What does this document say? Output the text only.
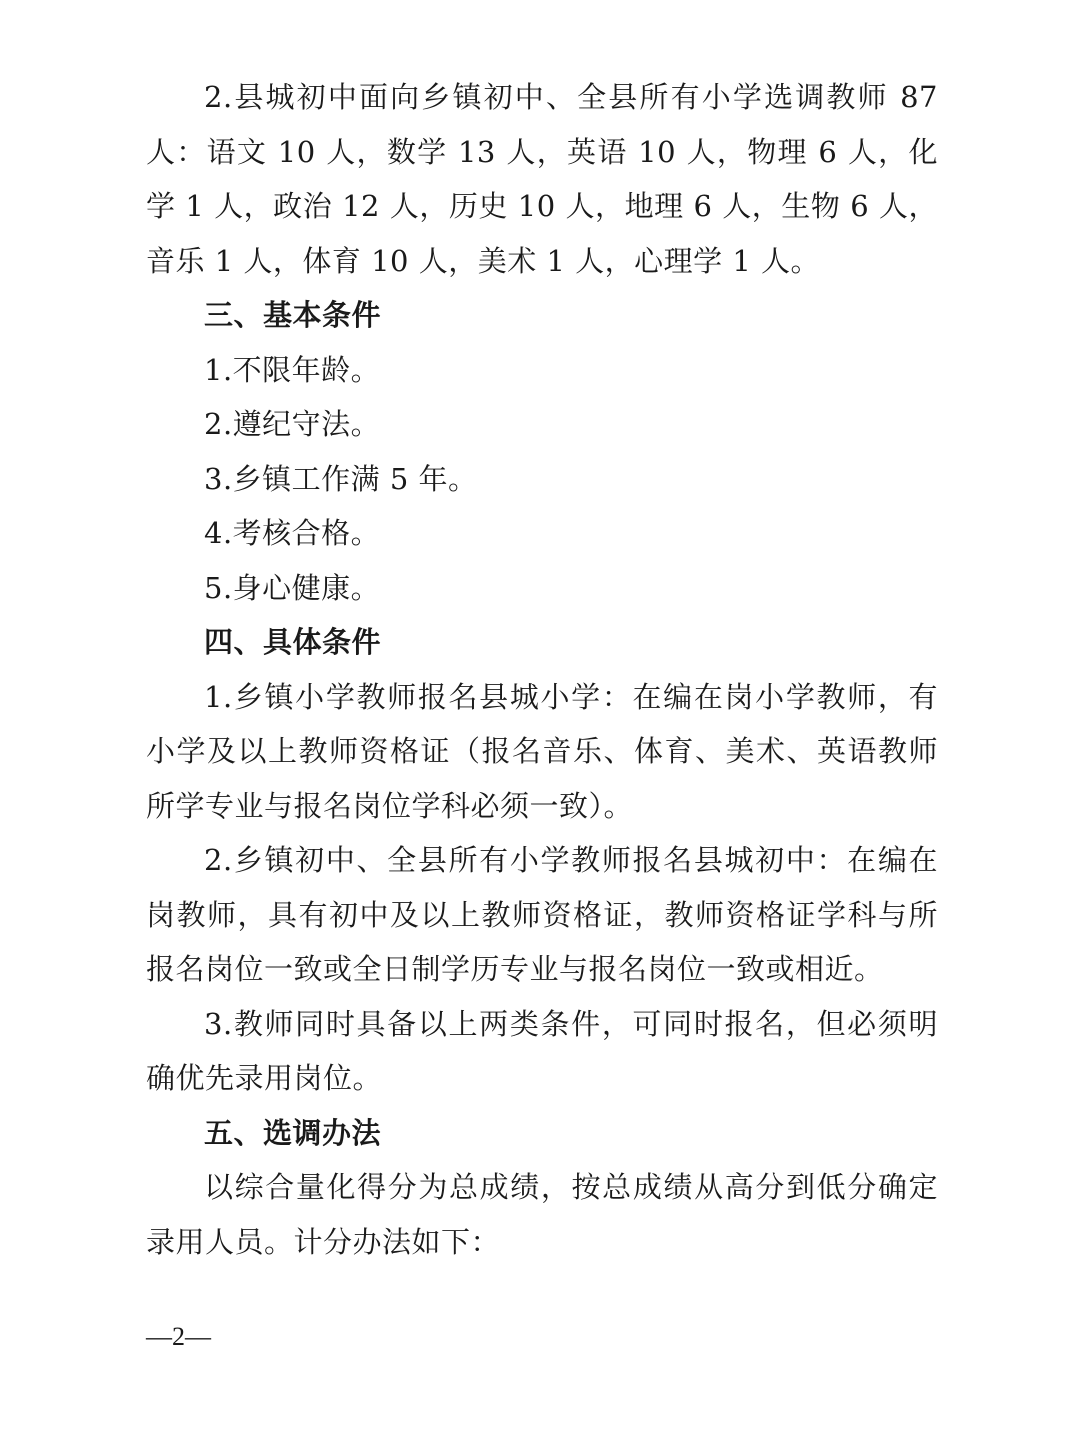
2.县城初中面向乡镇初中、全县所有小学选调教师 87 人：语文 10 人，数学 13 人，英语 10 人，物理 6 人，化学 1 人，政治 12 人，历史 10 人，地理 6 人，生物 6 人，音乐 1 人，体育 10 人，美术 1 人，心理学 1 人。

三、基本条件

1.不限年龄。

2.遵纪守法。

3.乡镇工作满 5 年。

4.考核合格。

5.身心健康。

四、具体条件

1.乡镇小学教师报名县城小学：在编在岗小学教师，有小学及以上教师资格证（报名音乐、体育、美术、英语教师所学专业与报名岗位学科必须一致）。

2.乡镇初中、全县所有小学教师报名县城初中：在编在岗教师，具有初中及以上教师资格证，教师资格证学科与所报名岗位一致或全日制学历专业与报名岗位一致或相近。

3.教师同时具备以上两类条件，可同时报名，但必须明确优先录用岗位。

五、选调办法

以综合量化得分为总成绩，按总成绩从高分到低分确定录用人员。计分办法如下：

—2—
